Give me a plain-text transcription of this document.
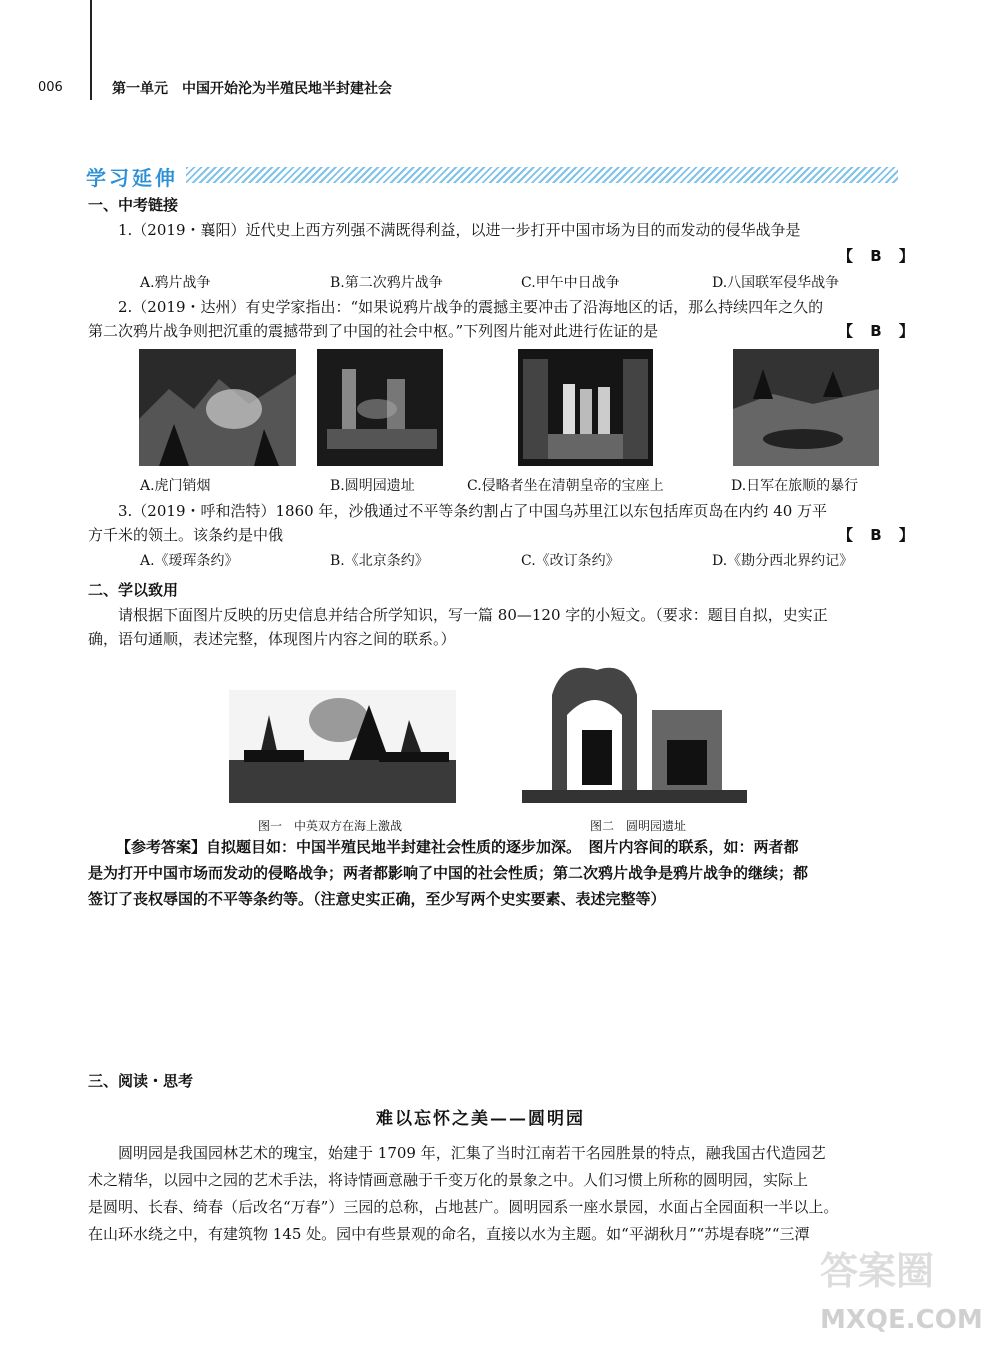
006	第一单元　中国开始沦为半殖民地半封建社会
学习延伸
一、中考链接
1.（2019・襄阳）近代史上西方列强不满既得利益，以进一步打开中国市场为目的而发动的侵华战争是
【 B 】
A.鸦片战争	B.第二次鸦片战争	C.甲午中日战争	D.八国联军侵华战争
2.（2019・达州）有史学家指出：“如果说鸦片战争的震撼主要冲击了沿海地区的话，那么持续四年之久的
第二次鸦片战争则把沉重的震撼带到了中国的社会中枢。”下列图片能对此进行佐证的是	【 B 】
A.虎门销烟	B.圆明园遗址	C.侵略者坐在清朝皇帝的宝座上	D.日军在旅顺的暴行
3.（2019・呼和浩特）1860 年，沙俄通过不平等条约割占了中国乌苏里江以东包括库页岛在内约 40 万平
方千米的领土。该条约是中俄	【 B 】
A.《瑷珲条约》	B.《北京条约》	C.《改订条约》	D.《勘分西北界约记》
二、学以致用
请根据下面图片反映的历史信息并结合所学知识，写一篇 80—120 字的小短文。（要求：题目自拟，史实正
确，语句通顺，表述完整，体现图片内容之间的联系。）
图一　中英双方在海上激战	图二　圆明园遗址
【参考答案】自拟题目如：中国半殖民地半封建社会性质的逐步加深。　图片内容间的联系，如：两者都
是为打开中国市场而发动的侵略战争；两者都影响了中国的社会性质；第二次鸦片战争是鸦片战争的继续；都
签订了丧权辱国的不平等条约等。（注意史实正确，至少写两个史实要素、表述完整等）
三、阅读・思考
难以忘怀之美——圆明园
圆明园是我国园林艺术的瑰宝，始建于 1709 年，汇集了当时江南若干名园胜景的特点，融我国古代造园艺
术之精华，以园中之园的艺术手法，将诗情画意融于千变万化的景象之中。人们习惯上所称的圆明园，实际上
是圆明、长春、绮春（后改名“万春”）三园的总称，占地甚广。圆明园系一座水景园，水面占全园面积一半以上。
在山环水绕之中，有建筑物 145 处。园中有些景观的命名，直接以水为主题。如“平湖秋月”“苏堤春晓”“三潭
答案圈
MXQE.COM
